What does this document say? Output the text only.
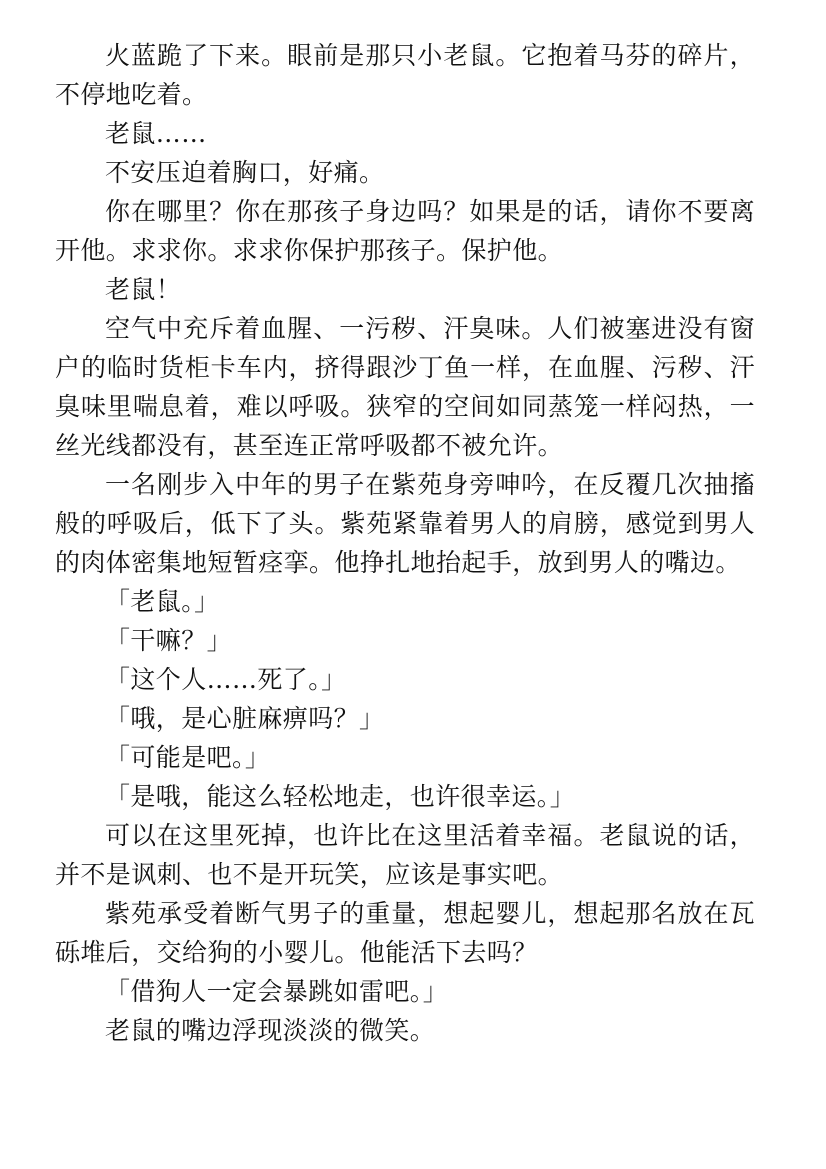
火蓝跪了下来。眼前是那只小老鼠。它抱着马芬的碎片，不停地吃着。

老鼠……

不安压迫着胸口，好痛。

你在哪里？你在那孩子身边吗？如果是的话，请你不要离开他。求求你。求求你保护那孩子。保护他。

老鼠！

空气中充斥着血腥、一污秽、汗臭味。人们被塞进没有窗户的临时货柜卡车内，挤得跟沙丁鱼一样，在血腥、污秽、汗臭味里喘息着，难以呼吸。狭窄的空间如同蒸笼一样闷热，一丝光线都没有，甚至连正常呼吸都不被允许。

一名刚步入中年的男子在紫苑身旁呻吟，在反覆几次抽搐般的呼吸后，低下了头。紫苑紧靠着男人的肩膀，感觉到男人的肉体密集地短暂痉挛。他挣扎地抬起手，放到男人的嘴边。

「老鼠。」

「干嘛？」

「这个人……死了。」

「哦，是心脏麻痹吗？」

「可能是吧。」

「是哦，能这么轻松地走，也许很幸运。」

可以在这里死掉，也许比在这里活着幸福。老鼠说的话，并不是讽刺、也不是开玩笑，应该是事实吧。

紫苑承受着断气男子的重量，想起婴儿，想起那名放在瓦砾堆后，交给狗的小婴儿。他能活下去吗？

「借狗人一定会暴跳如雷吧。」

老鼠的嘴边浮现淡淡的微笑。
